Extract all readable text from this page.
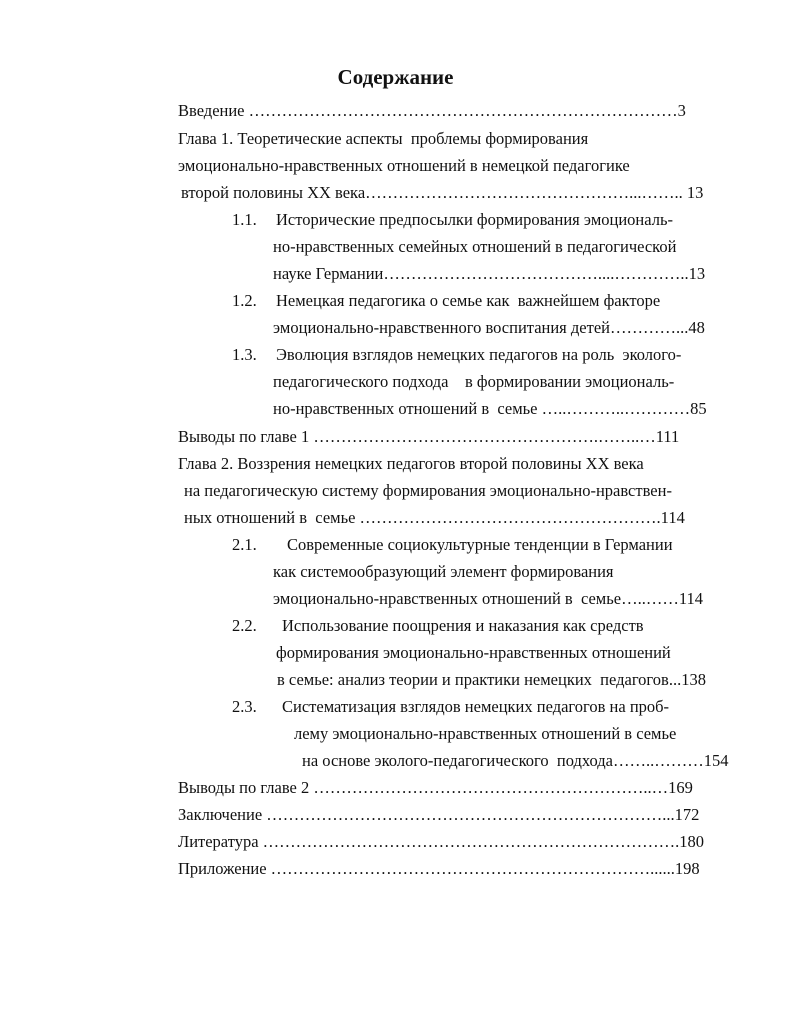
Содержание
Введение ……………………………………………………………………3
Глава 1. Теоретические аспекты  проблемы формирования
эмоционально-нравственных отношений в немецкой педагогике
второй половины XX века…………………………………………...…….. 13
1.1. Исторические предпосылки формирования эмоциональ-
но-нравственных семейных отношений в педагогической
науке Германии…………………………………....…………..13
1.2. Немецкая педагогика о семье как  важнейшем факторе
эмоционально-нравственного воспитания детей…………...48
1.3. Эволюция взглядов немецких педагогов на роль  эколого-
педагогического подхода    в формировании эмоциональ-
но-нравственных отношений в  семье …..………..…………85
Выводы по главе 1 …………………………………………….……..…111
Глава 2. Воззрения немецких педагогов второй половины XX века
на педагогическую систему формирования эмоционально-нравствен-
ных отношений в  семье ……………………………………………….114
2.1. Современные социокультурные тенденции в Германии
как системообразующий элемент формирования
эмоционально-нравственных отношений в  семье…..……114
2.2. Использование поощрения и наказания как средств
формирования эмоционально-нравственных отношений
в семье: анализ теории и практики немецких  педагогов...138
2.3. Систематизация взглядов немецких педагогов на проб-
лему эмоционально-нравственных отношений в семье
на основе эколого-педагогического  подхода……..………154
Выводы по главе 2 ……………………………………………………..…169
Заключение ………………………………………………………………...172
Литература ………………………………………………………………….180
Приложение ……………………………………………………………......198
